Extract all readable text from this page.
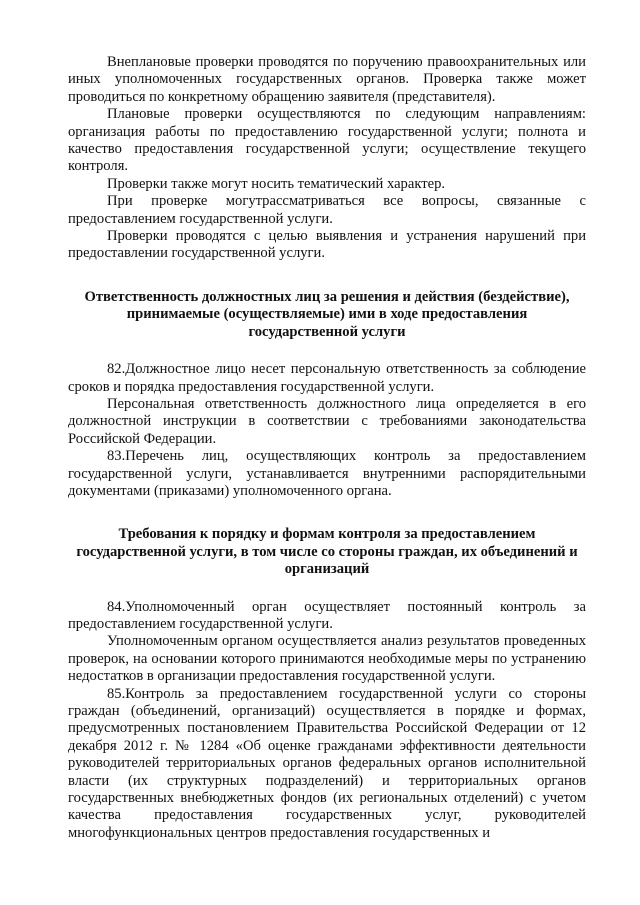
Внеплановые проверки проводятся по поручению правоохранительных или иных уполномоченных государственных органов. Проверка также может проводиться по конкретному обращению заявителя (представителя).

Плановые проверки осуществляются по следующим направлениям: организация работы по предоставлению государственной услуги; полнота и качество предоставления государственной услуги; осуществление текущего контроля.

Проверки также могут носить тематический характер.

При проверке могутрассматриваться все вопросы, связанные с предоставлением государственной услуги.

Проверки проводятся с целью выявления и устранения нарушений при предоставлении государственной услуги.

Ответственность должностных лиц за решения и действия (бездействие), принимаемые (осуществляемые) ими в ходе предоставления государственной услуги

82.Должностное лицо несет персональную ответственность за соблюдение сроков и порядка предоставления государственной услуги.

Персональная ответственность должностного лица определяется в его должностной инструкции в соответствии с требованиями законодательства Российской Федерации.

83.Перечень лиц, осуществляющих контроль за предоставлением государственной услуги, устанавливается внутренними распорядительными документами (приказами) уполномоченного органа.

Требования к порядку и формам контроля за предоставлением государственной услуги, в том числе со стороны граждан, их объединений и организаций

84.Уполномоченный орган осуществляет постоянный контроль за предоставлением государственной услуги.

Уполномоченным органом осуществляется анализ результатов проведенных проверок, на основании которого принимаются необходимые меры по устранению недостатков в организации предоставления государственной услуги.

85.Контроль за предоставлением государственной услуги со стороны граждан (объединений, организаций) осуществляется в порядке и формах, предусмотренных постановлением Правительства Российской Федерации от 12 декабря 2012 г. № 1284 «Об оценке гражданами эффективности деятельности руководителей территориальных органов федеральных органов исполнительной власти (их структурных подразделений) и территориальных органов государственных внебюджетных фондов (их региональных отделений) с учетом качества предоставления государственных услуг, руководителей многофункциональных центров предоставления государственных и
